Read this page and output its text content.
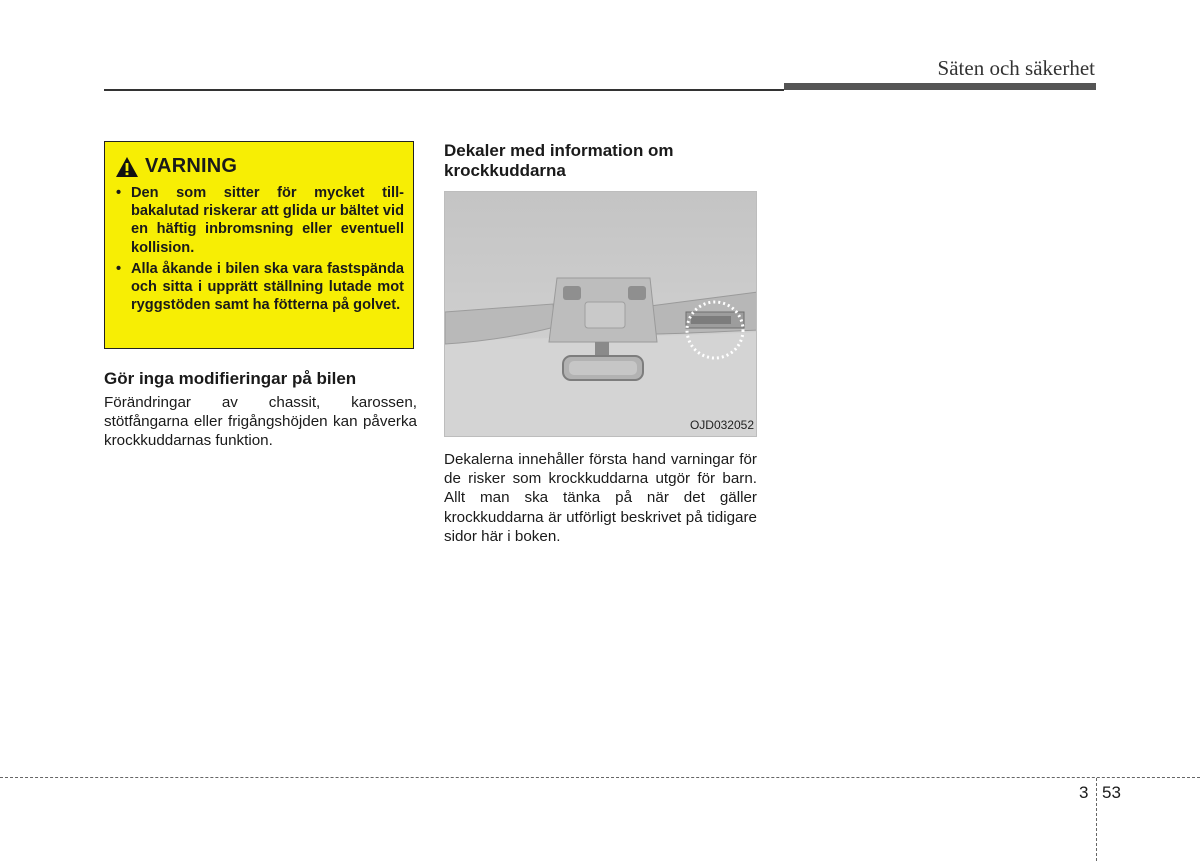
Säten och säkerhet
VARNING
• Den som sitter för mycket till- bakalutad riskerar att glida ur bältet vid en häftig inbromsning eller eventuell kollision.
• Alla åkande i bilen ska vara fastspända och sitta i upprätt ställning lutade mot ryggstöden samt ha fötterna på golvet.
Gör inga modifieringar på bilen

Förändringar av chassit, karossen, stötfångarna eller frigångshöjden kan påverka krockkuddarnas funktion.

Dekaler med information om krockkuddarna
OJD032052

Dekalerna innehåller första hand varningar för de risker som krockkuddarna utgör för barn. Allt man ska tänka på när det gäller krockkuddarna är utförligt beskrivet på tidigare sidor här i boken.

3 53
